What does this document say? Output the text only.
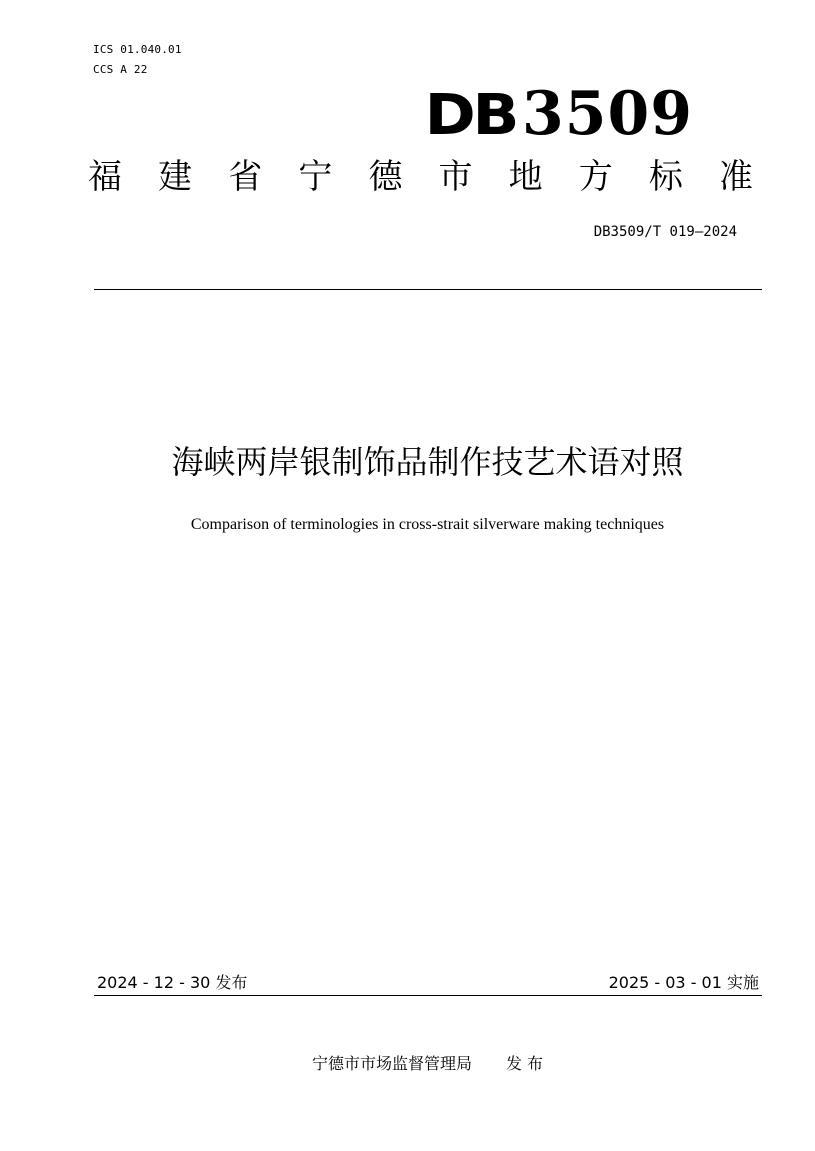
ICS 01.040.01
CCS A 22
DB 3509
福 建 省 宁 德 市 地 方 标 准
DB3509/T 019—2024
海峡两岸银制饰品制作技艺术语对照
Comparison of terminologies in cross-strait silverware making techniques
2024 - 12 - 30 发布	2025 - 03 - 01 实施
宁德市市场监督管理局 发 布
